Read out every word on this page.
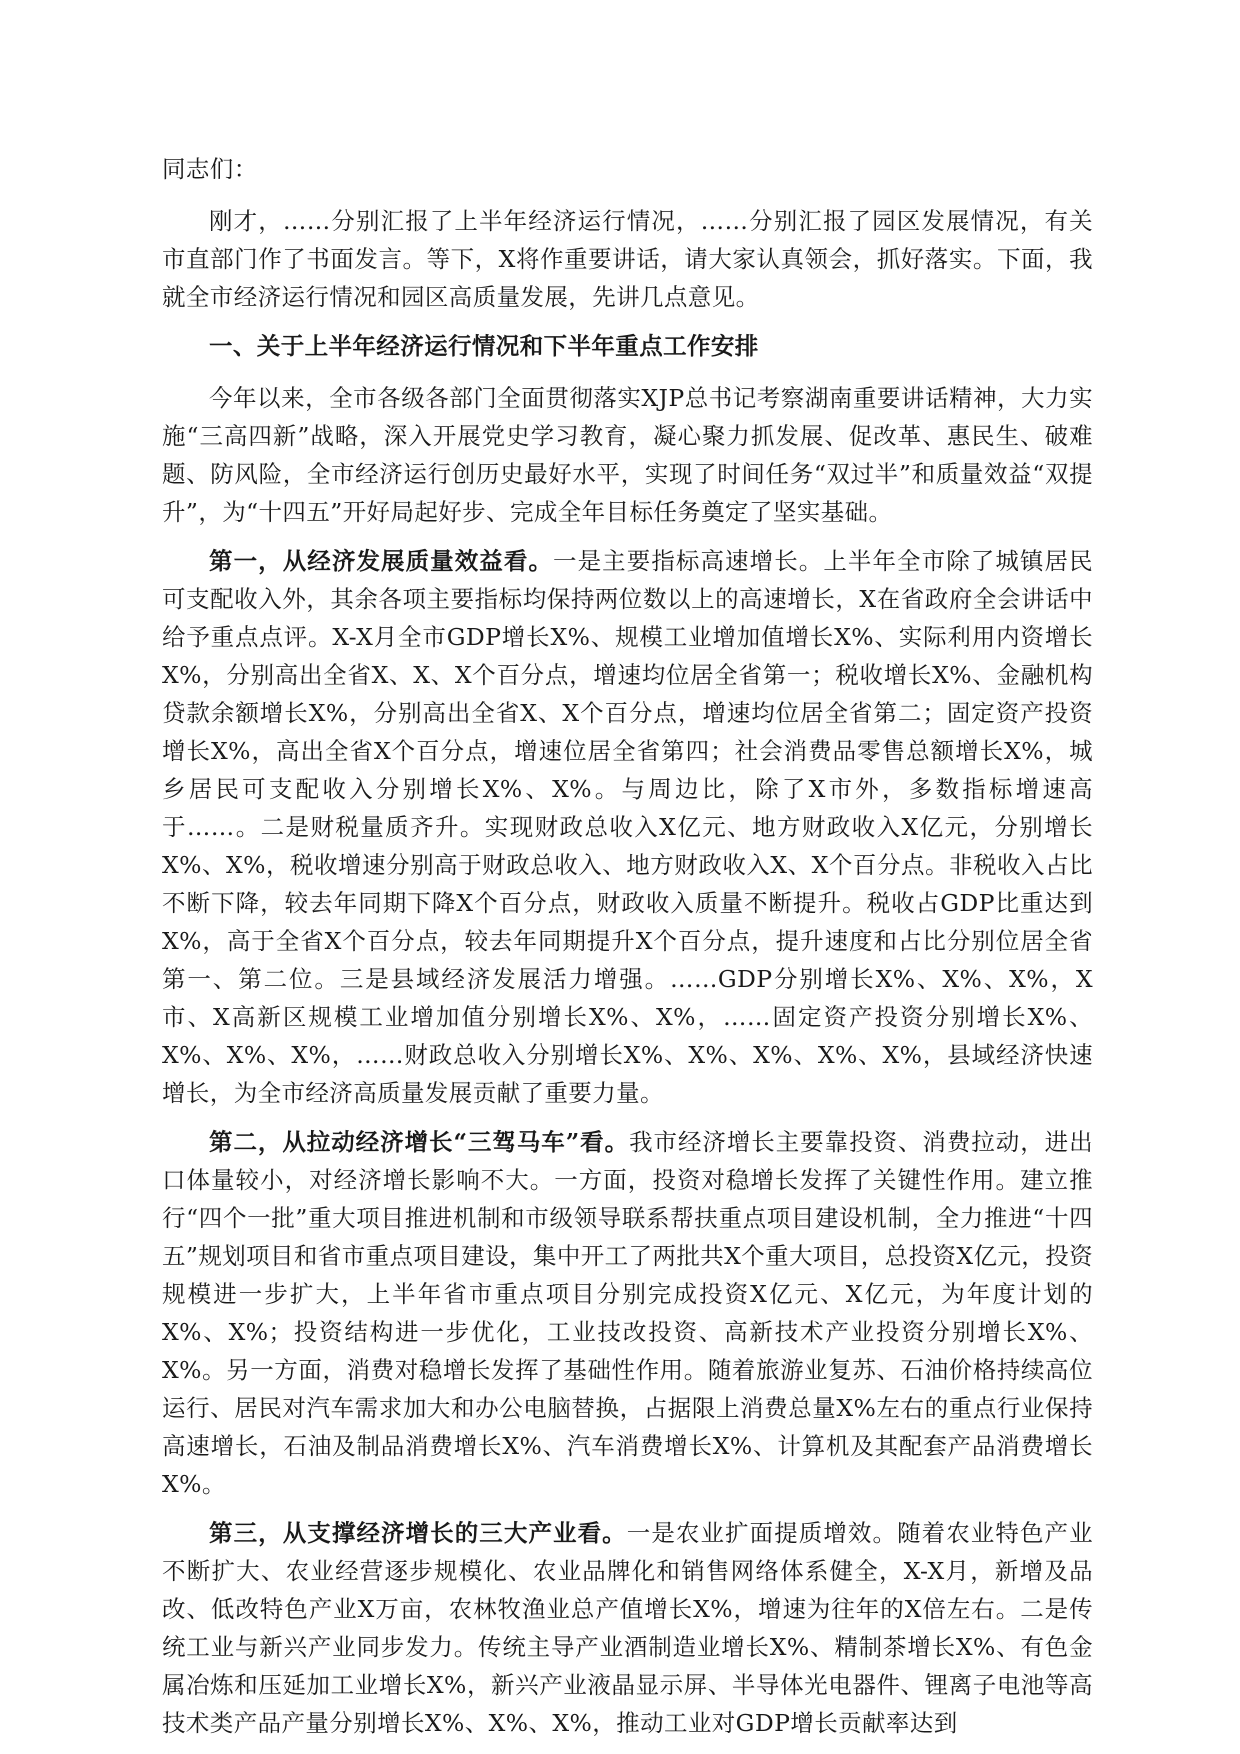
同志们：

刚才，……分别汇报了上半年经济运行情况，……分别汇报了园区发展情况，有关市直部门作了书面发言。等下，X将作重要讲话，请大家认真领会，抓好落实。下面，我就全市经济运行情况和园区高质量发展，先讲几点意见。

一、关于上半年经济运行情况和下半年重点工作安排

今年以来，全市各级各部门全面贯彻落实XJP总书记考察湖南重要讲话精神，大力实施“三高四新”战略，深入开展党史学习教育，凝心聚力抓发展、促改革、惠民生、破难题、防风险，全市经济运行创历史最好水平，实现了时间任务“双过半”和质量效益“双提升”，为“十四五”开好局起好步、完成全年目标任务奠定了坚实基础。

第一，从经济发展质量效益看。一是主要指标高速增长。上半年全市除了城镇居民可支配收入外，其余各项主要指标均保持两位数以上的高速增长，X在省政府全会讲话中给予重点点评。X-X月全市GDP增长X%、规模工业增加值增长X%、实际利用内资增长X%，分别高出全省X、X、X个百分点，增速均位居全省第一；税收增长X%、金融机构贷款余额增长X%，分别高出全省X、X个百分点，增速均位居全省第二；固定资产投资增长X%，高出全省X个百分点，增速位居全省第四；社会消费品零售总额增长X%，城乡居民可支配收入分别增长X%、X%。与周边比，除了X市外，多数指标增速高于……。二是财税量质齐升。实现财政总收入X亿元、地方财政收入X亿元，分别增长X%、X%，税收增速分别高于财政总收入、地方财政收入X、X个百分点。非税收入占比不断下降，较去年同期下降X个百分点，财政收入质量不断提升。税收占GDP比重达到X%，高于全省X个百分点，较去年同期提升X个百分点，提升速度和占比分别位居全省第一、第二位。三是县域经济发展活力增强。……GDP分别增长X%、X%、X%，X市、X高新区规模工业增加值分别增长X%、X%，……固定资产投资分别增长X%、X%、X%、X%，……财政总收入分别增长X%、X%、X%、X%、X%，县域经济快速增长，为全市经济高质量发展贡献了重要力量。

第二，从拉动经济增长“三驾马车”看。我市经济增长主要靠投资、消费拉动，进出口体量较小，对经济增长影响不大。一方面，投资对稳增长发挥了关键性作用。建立推行“四个一批”重大项目推进机制和市级领导联系帮扶重点项目建设机制，全力推进“十四五”规划项目和省市重点项目建设，集中开工了两批共X个重大项目，总投资X亿元，投资规模进一步扩大，上半年省市重点项目分别完成投资X亿元、X亿元，为年度计划的X%、X%；投资结构进一步优化，工业技改投资、高新技术产业投资分别增长X%、X%。另一方面，消费对稳增长发挥了基础性作用。随着旅游业复苏、石油价格持续高位运行、居民对汽车需求加大和办公电脑替换，占据限上消费总量X%左右的重点行业保持高速增长，石油及制品消费增长X%、汽车消费增长X%、计算机及其配套产品消费增长X%。

第三，从支撑经济增长的三大产业看。一是农业扩面提质增效。随着农业特色产业不断扩大、农业经营逐步规模化、农业品牌化和销售网络体系健全，X-X月，新增及品改、低改特色产业X万亩，农林牧渔业总产值增长X%，增速为往年的X倍左右。二是传统工业与新兴产业同步发力。传统主导产业酒制造业增长X%、精制茶增长X%、有色金属冶炼和压延加工业增长X%，新兴产业液晶显示屏、半导体光电器件、锂离子电池等高技术类产品产量分别增长X%、X%、X%，推动工业对GDP增长贡献率达到
